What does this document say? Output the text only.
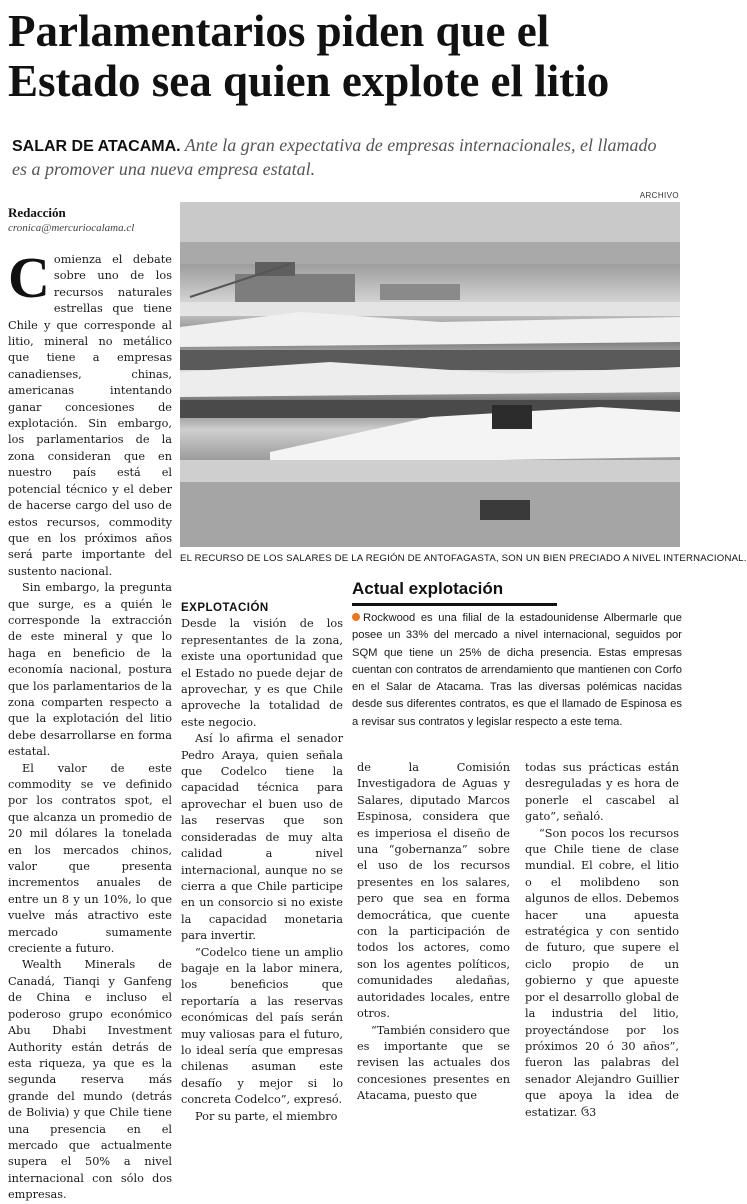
Parlamentarios piden que el
Estado sea quien explote el litio
SALAR DE ATACAMA. Ante la gran expectativa de empresas internacionales, el llamado es a promover una nueva empresa estatal.
Redacción
cronica@mercuriocalama.cl

Comienza el debate sobre uno de los recursos naturales estrellas que tiene Chile y que corresponde al litio, mineral no metálico que tiene a empresas canadienses, chinas, americanas intentando ganar concesiones de explotación. Sin embargo, los parlamentarios de la zona consideran que en nuestro país está el potencial técnico y el deber de hacerse cargo del uso de estos recursos, commodity que en los próximos años será parte importante del sustento nacional.

Sin embargo, la pregunta que surge, es a quién le corresponde la extracción de este mineral y que lo haga en beneficio de la economía nacional, postura que los parlamentarios de la zona comparten respecto a que la explotación del litio debe desarrollarse en forma estatal.

El valor de este commodity se ve definido por los contratos spot, el que alcanza un promedio de 20 mil dólares la tonelada en los mercados chinos, valor que presenta incrementos anuales de entre un 8 y un 10%, lo que vuelve más atractivo este mercado sumamente creciente a futuro.

Wealth Minerals de Canadá, Tianqi y Ganfeng de China e incluso el poderoso grupo económico Abu Dhabi Investment Authority están detrás de esta riqueza, ya que es la segunda reserva más grande del mundo (detrás de Bolivia) y que Chile tiene una presencia en el mercado que actualmente supera el 50% a nivel internacional con sólo dos empresas.

ARCHIVO
EL RECURSO DE LOS SALARES DE LA REGIÓN DE ANTOFAGASTA, SON UN BIEN PRECIADO A NIVEL INTERNACIONAL.
EXPLOTACIÓN

Desde la visión de los representantes de la zona, existe una oportunidad que el Estado no puede dejar de aprovechar, y es que Chile aproveche la totalidad de este negocio.

Así lo afirma el senador Pedro Araya, quien señala que Codelco tiene la capacidad técnica para aprovechar el buen uso de las reservas que son consideradas de muy alta calidad a nivel internacional, aunque no se cierra a que Chile participe en un consorcio si no existe la capacidad monetaria para invertir.

“Codelco tiene un amplio bagaje en la labor minera, los beneficios que reportaría a las reservas económicas del país serán muy valiosas para el futuro, lo ideal sería que empresas chilenas asuman este desafío y mejor si lo concreta Codelco”, expresó.

Por su parte, el miembro

Actual explotación
Rockwood es una filial de la estadounidense Albermarle que posee un 33% del mercado a nivel internacional, seguidos por SQM que tiene un 25% de dicha presencia. Estas empresas cuentan con contratos de arrendamiento que mantienen con Corfo en el Salar de Atacama. Tras las diversas polémicas nacidas desde sus diferentes contratos, es que el llamado de Espinosa es a revisar sus contratos y legislar respecto a este tema.

de la Comisión Investigadora de Aguas y Salares, diputado Marcos Espinosa, considera que es imperiosa el diseño de una “gobernanza” sobre el uso de los recursos presentes en los salares, pero que sea en forma democrática, que cuente con la participación de todos los actores, como son los agentes políticos, comunidades aledañas, autoridades locales, entre otros.

“También considero que es importante que se revisen las actuales dos concesiones presentes en Atacama, puesto que

todas sus prácticas están desreguladas y es hora de ponerle el cascabel al gato”, señaló.

“Son pocos los recursos que Chile tiene de clase mundial. El cobre, el litio o el molibdeno son algunos de ellos. Debemos hacer una apuesta estratégica y con sentido de futuro, que supere el ciclo propio de un gobierno y que apueste por el desarrollo global de la industria del litio, proyectándose por los próximos 20 ó 30 años”, fueron las palabras del senador Alejandro Guillier que apoya la idea de estatizar. ઉ3
